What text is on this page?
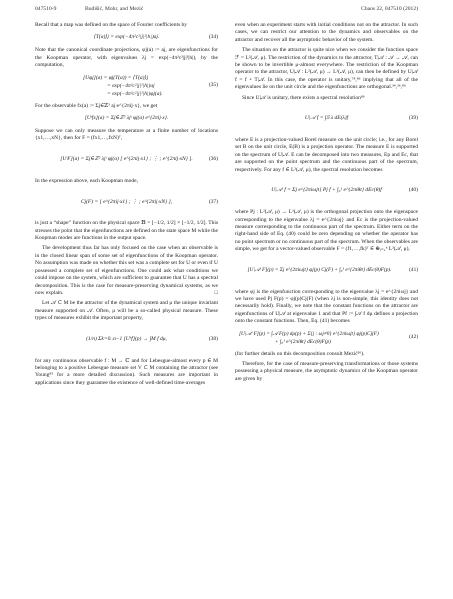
047510-9	Budišić, Mohr, and Mezić	Chaos 22, 047510 (2012)

Recall that a map was defined on the space of Fourier coefficients by

⟨T(a)⟩j = exp(−4π²c²|j|²|h|)aj.	(34)

Note that the canonical coordinate projections, φj(a) := aj, are eigenfunctions for the Koopman operator, with eigenvalues λj = exp(−4π²c²|j|²|h|), by the computation,

[Uφj](a) = φj(T(a)) = ⟨T(a)⟩j
= exp(−4π²c²|j|²|h|)aj
= exp(−4π²c²|j|²|h|)φj(a).
(35)

For the observable fx(a) := Σj∈ℤ² aj e^{2πij·x}, we get

[Uᵗfx](a) = Σj∈ℤ² λjᵗ φj(a) e^{2πij·x}.

Suppose we can only measure the temperature at a finite number of locations {x1,…,xN}, then for F = (fx1,…,fxN)ᵀ,

[UᵗF](a) = Σj∈ℤ² λjᵗ φj(a) [ e^{2πij·x1} ; ⋮ ; e^{2πij·xN} ].	(36)

In the expression above, each Koopman mode,

Cj(F) = [ e^{2πij·x1} ; ⋮ ; e^{2πij·xN} ],	(37)

is just a “shape” function on the physical space 𝔹 = [−1/2, 1/2] × [−1/2, 1/2]. This stresses the point that the eigenfunctions are defined on the state space M while the Koopman modes are functions in the output space.

The development thus far has only focused on the case when an observable is in the closed linear span of some set of eigenfunctions of the Koopman operator. No assumption was made on whether this set was a complete set for U or even if U possessed a complete set of eigenfunctions. One could ask what conditions we could impose on the system, which are sufficient to guarantee that U has a spectral decomposition. This is the case for measure-preserving dynamical systems, as we now explain.	□

Let 𝒜 ⊂ M be the attractor of the dynamical system and μ the unique invariant measure supported on 𝒜. Often, μ will be a so-called physical measure. These types of measures exhibit the important property,

(1/n) Σk=0..n−1 [Uᵏf](p) → ∫M f dμ,	(38)

for any continuous observable f : M → ℂ and for Lebesgue-almost every p ∈ M belonging to a positive Lebesgue measure set V ⊂ M containing the attractor (see Young⁸⁵ for a more detailed discussion). Such measures are important in applications since they guarantee the existence of well-defined time-averages

even when an experiment starts with initial conditions not on the attractor. In such cases, we can restrict our attention to the dynamics and observables on the attractor and recover all the asymptotic behavior of the system.

The situation on the attractor is quite nice when we consider the function space ℱ = L²(𝒜, μ). The restriction of the dynamics to the attractor, T|𝒜 : 𝒜 → 𝒜, can be shown to be invertible μ-almost everywhere. The restriction of the Koopman operator to the attractor, U|𝒜 : L²(𝒜, μ) → L²(𝒜, μ), can then be defined by U|𝒜 f = f ∘ T|𝒜. In this case, the operator is unitary,⁷⁸,⁸⁶ implying that all of the eigenvalues lie on the unit circle and the eigenfunctions are orthogonal.³⁴,³⁶,⁸⁶

Since U|𝒜 is unitary, there exists a spectral resolution⁸⁶

U|𝒜 f = ∫𝕊 λ dE(λ)f	(39)

where E is a projection-valued Borel measure on the unit circle; i.e., for any Borel set B on the unit circle, E(B) is a projection operator. The measure E is supported on the spectrum of U|𝒜. E can be decomposed into two measures, Ep and Ec, that are supported on the point spectrum and the continuous part of the spectrum, respectively. For any f ∈ L²(𝒜, μ), the spectral resolution becomes

U|𝒜ᵗ f = Σj e^{2πiωjt} Pj f + ∫₀¹ e^{2πiθt} dEc(θ)f	(40)

where Pj : L²(𝒜, μ) → L²(𝒜, μ) is the orthogonal projection onto the eigenspace corresponding to the eigenvalue λj = e^{2πiωj} and Ec is the projection-valued measure corresponding to the continuous part of the spectrum. Either term on the right-hand side of Eq. (40) could be zero depending on whether the operator has no point spectrum or no continuous part of the spectrum. When the observables are simple, we get for a vector-valued observable F = (f1,…,fk)ᵀ ∈ ⊕ᵢ₌₁ᵏ L²(𝒜, μ),

[U|𝒜ᵗ F](p) = Σj e^{2πiωjt} φj(p) Cj(F) + ∫₀¹ e^{2πiθt} dEc(θ)F(p).	(41)

where φj is the eigenfunction corresponding to the eigenvalue λj = e^{2πiωj} and we have used Pj F(p) = φj(p)Cj(F) (when λj is non-simple, this identity does not necessarily hold). Finally, we note that the constant functions on the attractor are eigenfunctions of U|𝒜 at eigenvalue 1 and that Pf := ∫𝒜 f dμ defines a projection onto the constant functions. Then, Eq. (41) becomes

[U|𝒜ᵗ F](p) = ∫𝒜 F(p) dμ(p) + Σ{j : ωj≠0} e^{2πiωjt} φj(p)Cj(F)
+ ∫₀¹ e^{2πiθt} dEc(θ)F(p)
(42)

(for further details on this decomposition consult Mezić³⁶).

Therefore, for the case of measure-preserving transformations or those systems possessing a physical measure, the asymptotic dynamics of the Koopman operator are given by
